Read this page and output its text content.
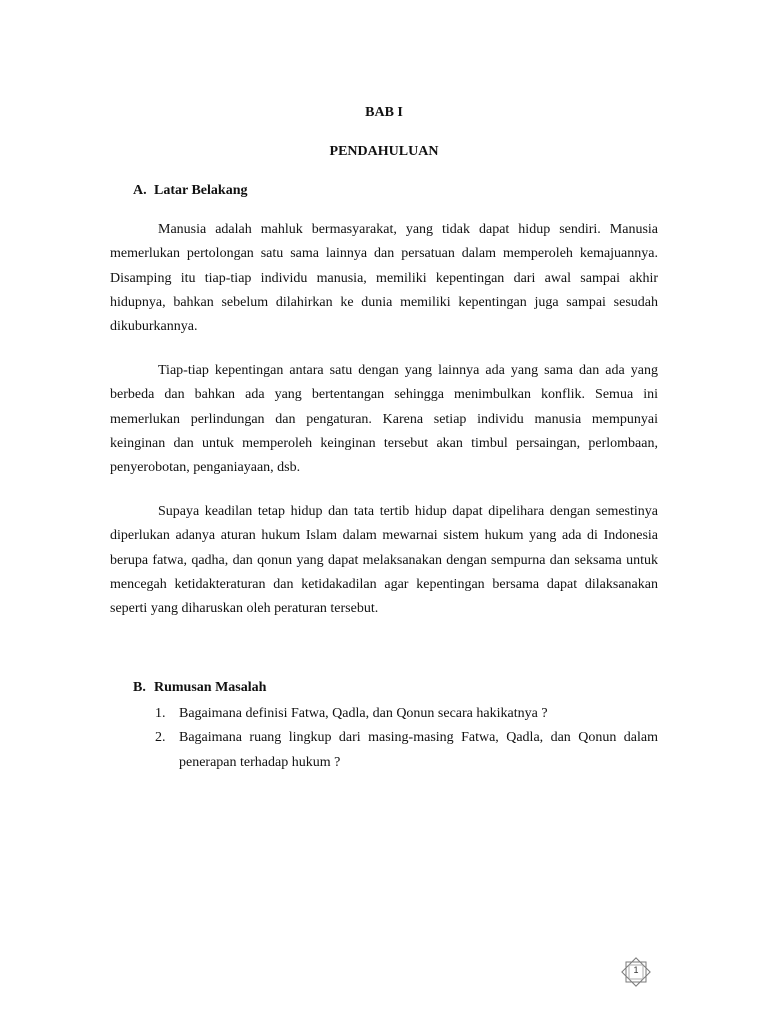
BAB I
PENDAHULUAN
A. Latar Belakang

Manusia adalah mahluk bermasyarakat, yang tidak dapat hidup sendiri. Manusia memerlukan pertolongan satu sama lainnya dan persatuan dalam memperoleh kemajuannya. Disamping itu tiap-tiap individu manusia, memiliki kepentingan dari awal sampai akhir hidupnya, bahkan sebelum dilahirkan ke dunia memiliki kepentingan juga sampai sesudah dikuburkannya.

Tiap-tiap kepentingan antara satu dengan yang lainnya ada yang sama dan ada yang berbeda dan bahkan ada yang bertentangan sehingga menimbulkan konflik. Semua ini memerlukan perlindungan dan pengaturan. Karena setiap individu manusia mempunyai keinginan dan untuk memperoleh keinginan tersebut akan timbul persaingan, perlombaan, penyerobotan, penganiayaan, dsb.

Supaya keadilan tetap hidup dan tata tertib hidup dapat dipelihara dengan semestinya diperlukan adanya aturan hukum Islam dalam mewarnai sistem hukum yang ada di Indonesia berupa fatwa, qadha, dan qonun yang dapat melaksanakan dengan sempurna dan seksama untuk mencegah ketidakteraturan dan ketidakadilan agar kepentingan bersama dapat dilaksanakan seperti yang diharuskan oleh peraturan tersebut.

B. Rumusan Masalah
1. Bagaimana definisi Fatwa, Qadla, dan Qonun secara hakikatnya ?
2. Bagaimana ruang lingkup dari masing-masing Fatwa, Qadla, dan Qonun dalam penerapan terhadap hukum ?
1
